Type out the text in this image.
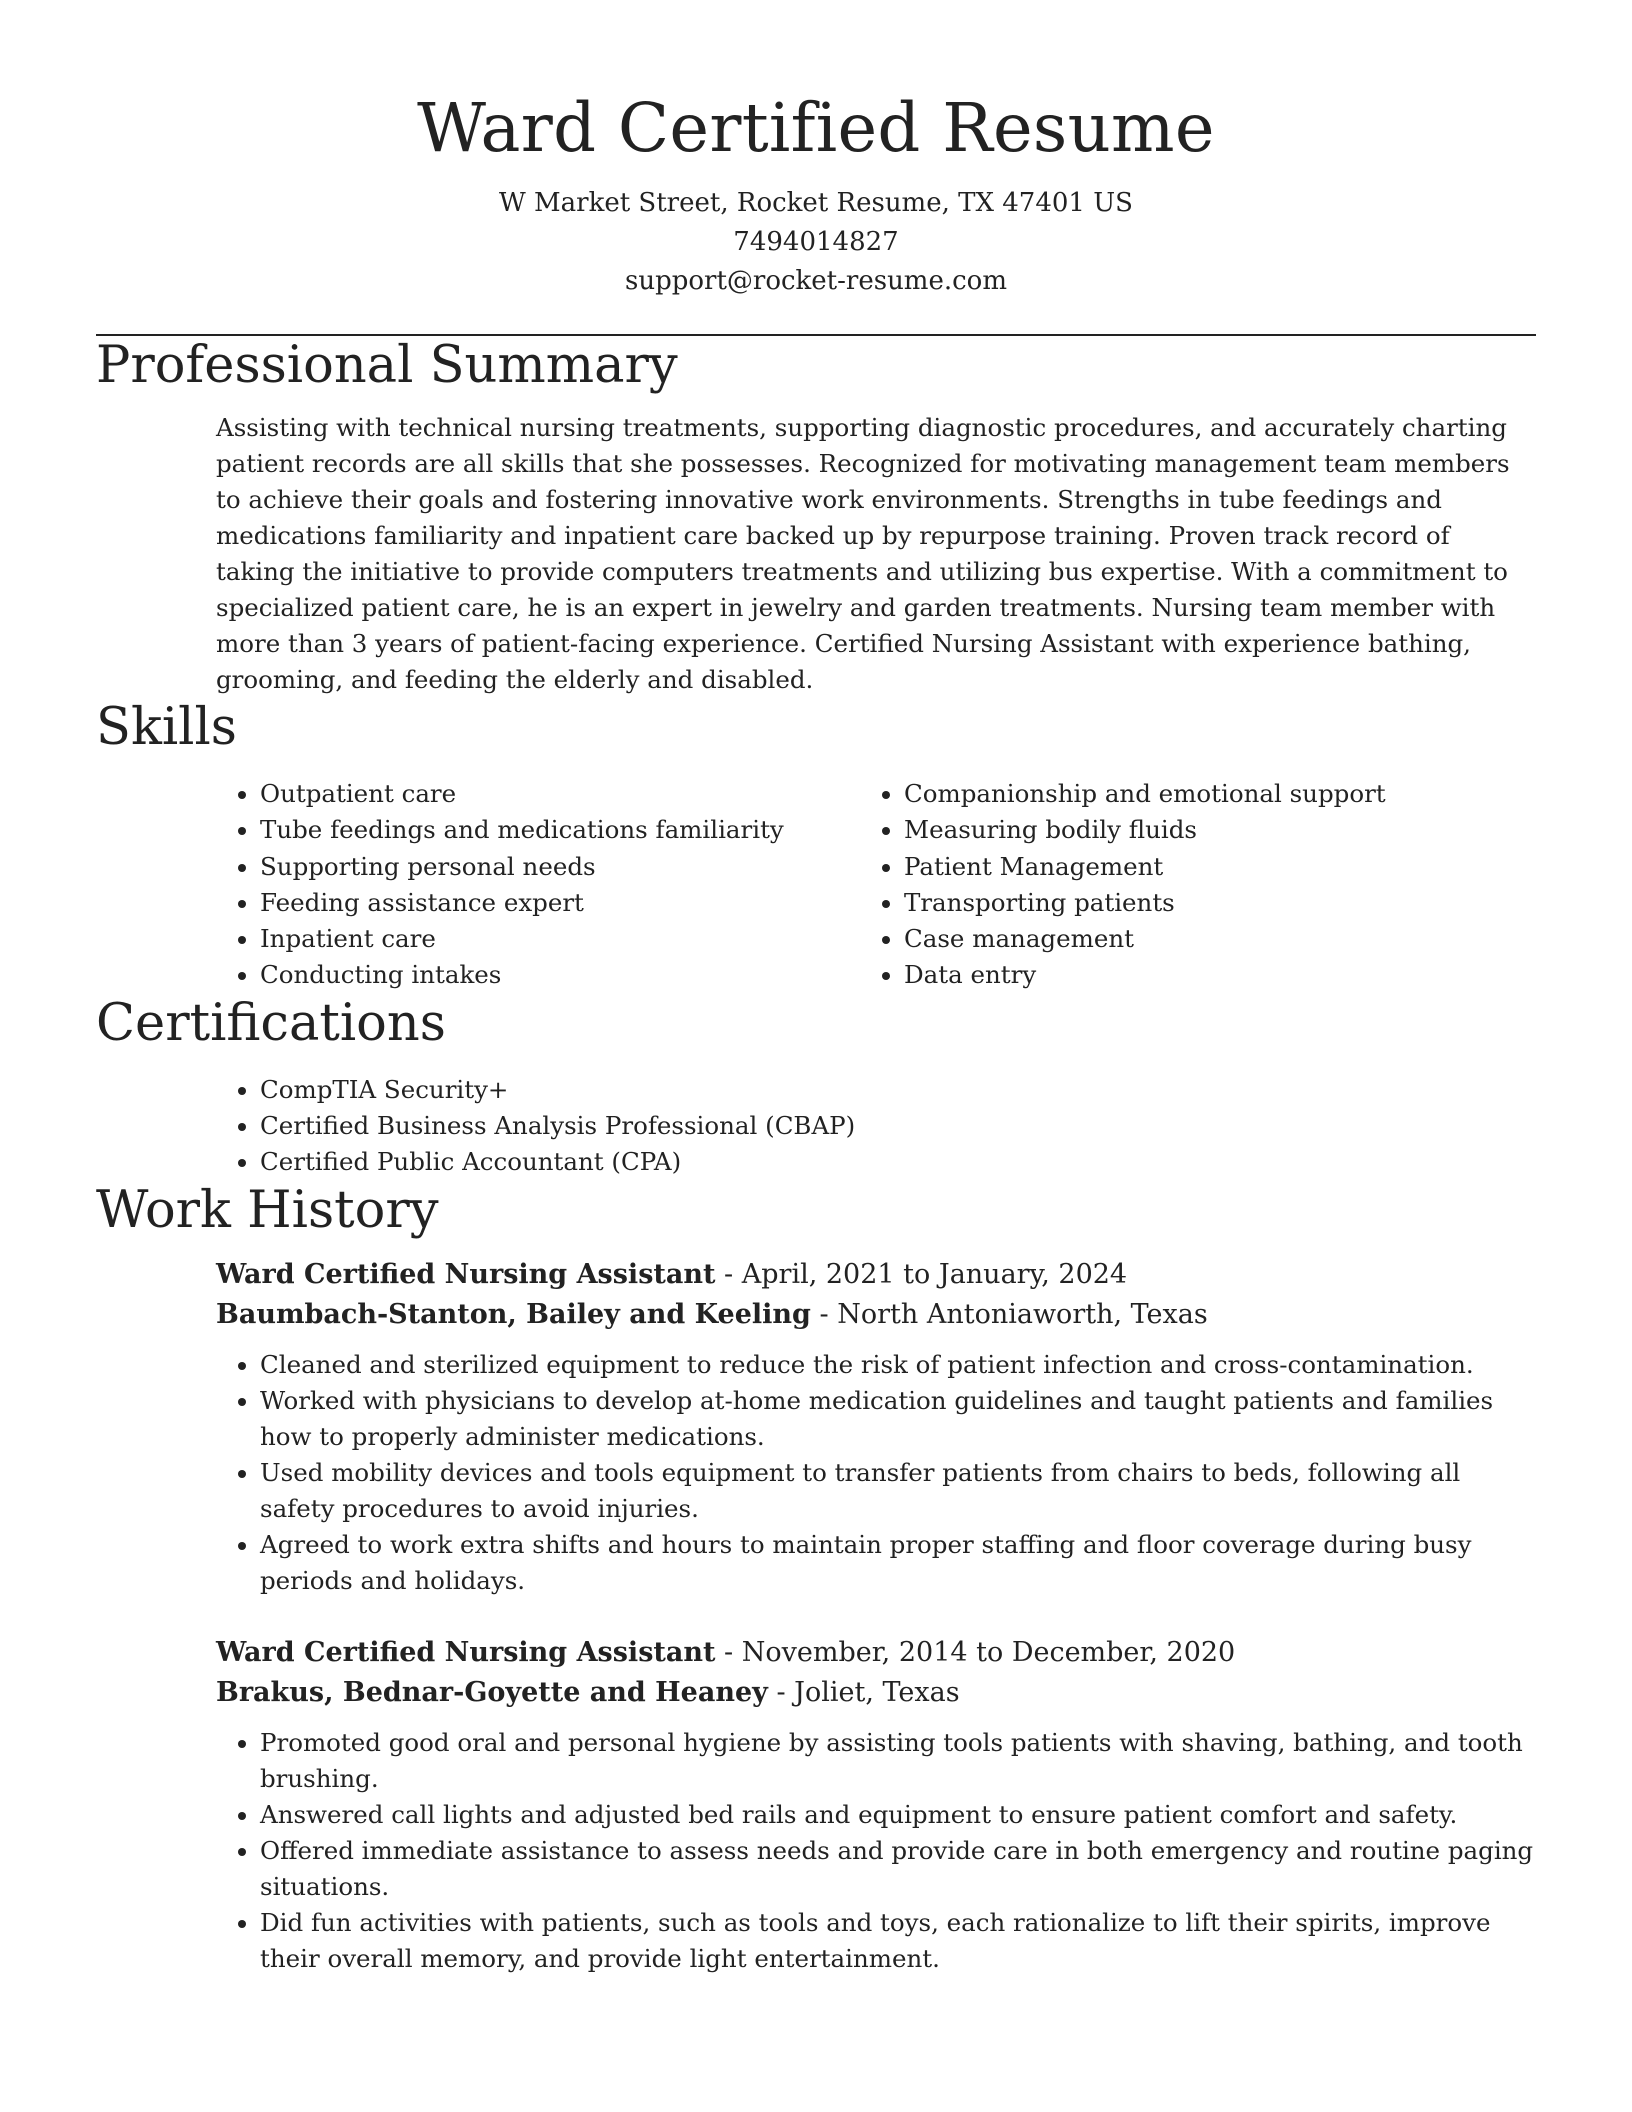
Ward Certified Resume
W Market Street, Rocket Resume, TX 47401 US
7494014827
support@rocket-resume.com
Professional Summary

Assisting with technical nursing treatments, supporting diagnostic procedures, and accurately charting patient records are all skills that she possesses. Recognized for motivating management team members to achieve their goals and fostering innovative work environments. Strengths in tube feedings and medications familiarity and inpatient care backed up by repurpose training. Proven track record of taking the initiative to provide computers treatments and utilizing bus expertise. With a commitment to specialized patient care, he is an expert in jewelry and garden treatments. Nursing team member with more than 3 years of patient-facing experience. Certified Nursing Assistant with experience bathing, grooming, and feeding the elderly and disabled.

Skills
• Outpatient care
• Tube feedings and medications familiarity
• Supporting personal needs
• Feeding assistance expert
• Inpatient care
• Conducting intakes
• Companionship and emotional support
• Measuring bodily fluids
• Patient Management
• Transporting patients
• Case management
• Data entry
Certifications
• CompTIA Security+
• Certified Business Analysis Professional (CBAP)
• Certified Public Accountant (CPA)
Work History
Ward Certified Nursing Assistant - April, 2021 to January, 2024
Baumbach-Stanton, Bailey and Keeling - North Antoniaworth, Texas
• Cleaned and sterilized equipment to reduce the risk of patient infection and cross-contamination.
• Worked with physicians to develop at-home medication guidelines and taught patients and families how to properly administer medications.
• Used mobility devices and tools equipment to transfer patients from chairs to beds, following all safety procedures to avoid injuries.
• Agreed to work extra shifts and hours to maintain proper staffing and floor coverage during busy periods and holidays.
Ward Certified Nursing Assistant - November, 2014 to December, 2020
Brakus, Bednar-Goyette and Heaney - Joliet, Texas
• Promoted good oral and personal hygiene by assisting tools patients with shaving, bathing, and tooth brushing.
• Answered call lights and adjusted bed rails and equipment to ensure patient comfort and safety.
• Offered immediate assistance to assess needs and provide care in both emergency and routine paging situations.
• Did fun activities with patients, such as tools and toys, each rationalize to lift their spirits, improve their overall memory, and provide light entertainment.
